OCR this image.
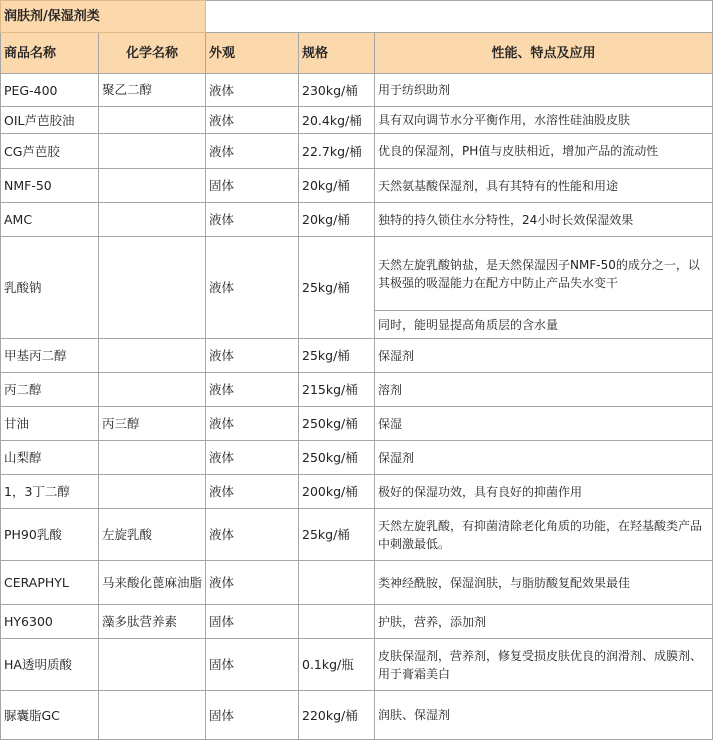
润肤剂/保湿剂类				
商品名称	化学名称	外观	规格	性能、特点及应用
PEG-400	聚乙二醇	液体	230kg/桶	用于纺织助剂
OIL芦芭胶油		液体	20.4kg/桶	具有双向调节水分平衡作用，水溶性硅油股皮肤
CG芦芭胶		液体	22.7kg/桶	优良的保湿剂，PH值与皮肤相近，增加产品的流动性
NMF-50		固体	20kg/桶	天然氨基酸保湿剂，具有其特有的性能和用途
AMC		液体	20kg/桶	独特的持久锁住水分特性，24小时长效保湿效果
乳酸钠		液体	25kg/桶	天然左旋乳酸钠盐，是天然保湿因子NMF-50的成分之一，以其极强的吸湿能力在配方中防止产品失水变干
				同时，能明显提高角质层的含水量
甲基丙二醇		液体	25kg/桶	保湿剂
丙二醇		液体	215kg/桶	溶剂
甘油	丙三醇	液体	250kg/桶	保湿
山梨醇		液体	250kg/桶	保湿剂
1，3丁二醇		液体	200kg/桶	极好的保湿功效，具有良好的抑菌作用
PH90乳酸	左旋乳酸	液体	25kg/桶	天然左旋乳酸，有抑菌清除老化角质的功能，在羟基酸类产品中刺激最低。
CERAPHYL	马来酸化蓖麻油脂	液体		类神经酰胺，保湿润肤，与脂肪酸复配效果最佳
HY6300	藻多肽营养素	固体		护肤，营养，添加剂
HA透明质酸		固体	0.1kg/瓶	皮肤保湿剂，营养剂，修复受损皮肤优良的润滑剂、成膜剂、用于膏霜美白
脲囊脂GC		固体	220kg/桶	润肤、保湿剂
